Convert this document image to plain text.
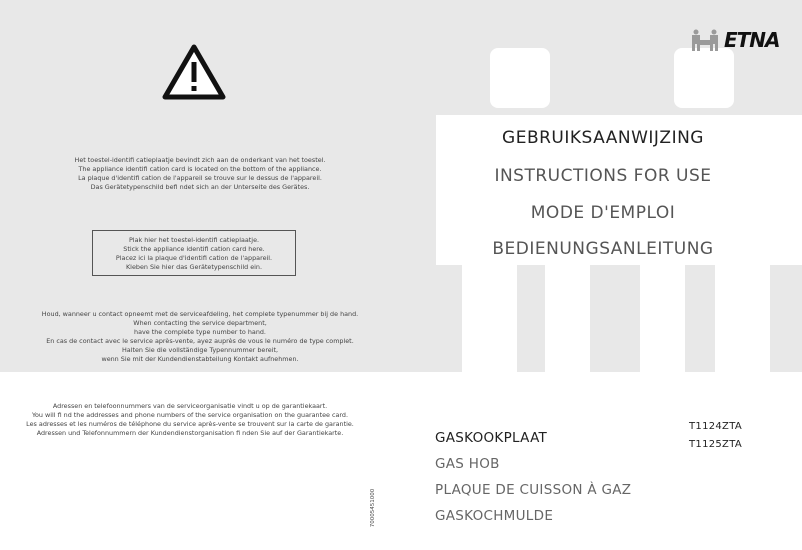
ETNA
Het toestel-identifi catieplaatje bevindt zich aan de onderkant van het toestel.
The appliance identifi cation card is located on the bottom of the appliance.
La plaque d'identifi cation de l'appareil se trouve sur le dessus de l'appareil.
Das Gerätetypenschild befi ndet sich an der Unterseite des Gerätes.
Plak hier het toestel-identifi catieplaatje.
Stick the appliance identifi cation card here.
Placez ici la plaque d'identifi cation de l'appareil.
Kleben Sie hier das Gerätetypenschild ein.
Houd, wanneer u contact opneemt met de serviceafdeling, het complete typenummer bij de hand.
When contacting the service department,
have the complete type number to hand.
En cas de contact avec le service après-vente, ayez auprès de vous le numéro de type complet.
Halten Sie die vollständige Typennummer bereit,
wenn Sie mit der Kundendienstabteilung Kontakt aufnehmen.
Adressen en telefoonnummers van de serviceorganisatie vindt u op de garantiekaart.
You will fi nd the addresses and phone numbers of the service organisation on the guarantee card.
Les adresses et les numéros de téléphone du service après-vente se trouvent sur la carte de garantie.
Adressen und Telefonnummern der Kundendienstorganisation fi nden Sie auf der Garantiekarte.
GEBRUIKSAANWIJZING
INSTRUCTIONS FOR USE
MODE D'EMPLOI
BEDIENUNGSANLEITUNG
GASKOOKPLAAT
GAS HOB
PLAQUE DE CUISSON À GAZ
GASKOCHMULDE
T1124ZTA
T1125ZTA
70005451000
